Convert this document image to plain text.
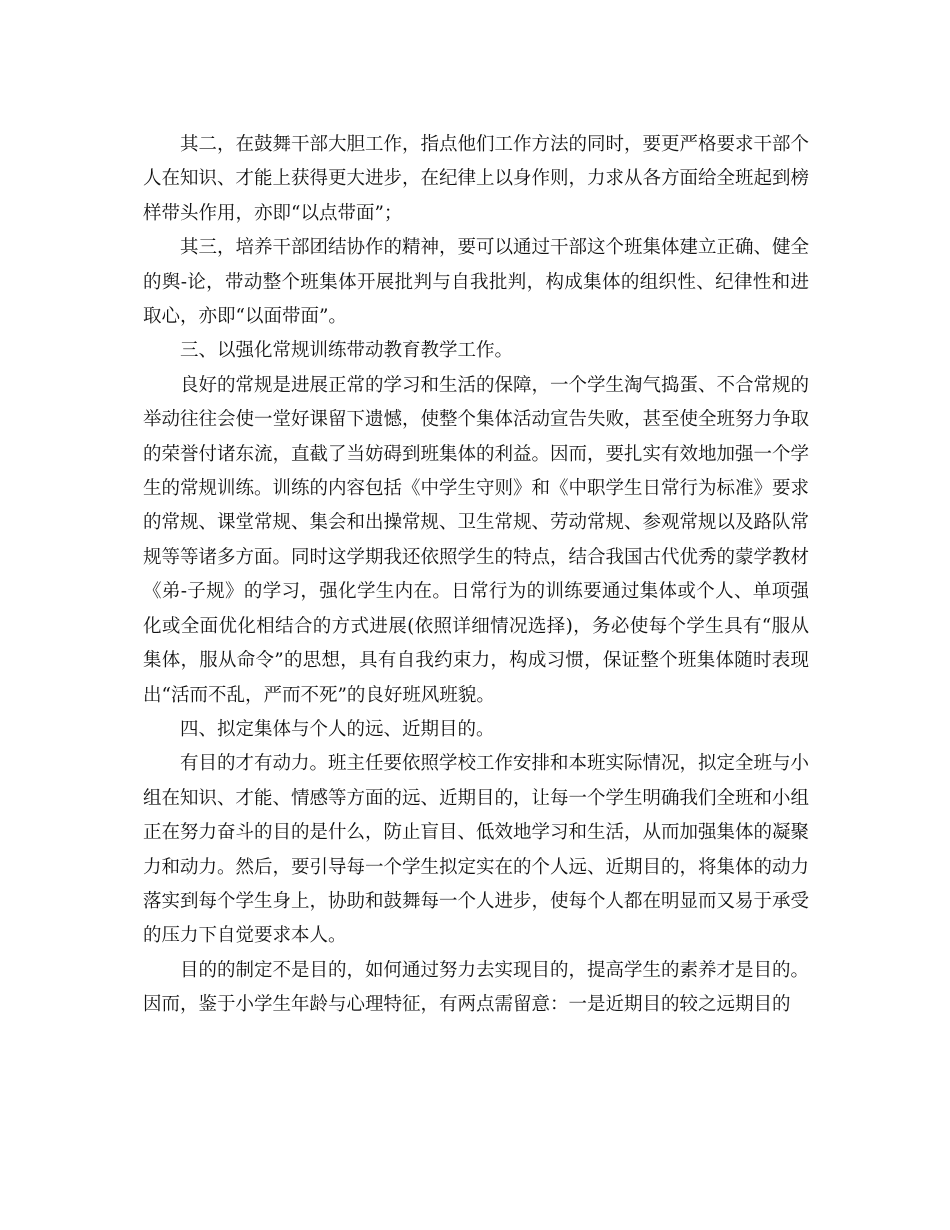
其二，在鼓舞干部大胆工作，指点他们工作方法的同时，要更严格要求干部个人在知识、才能上获得更大进步，在纪律上以身作则，力求从各方面给全班起到榜样带头作用，亦即“以点带面”；

其三，培养干部团结协作的精神，要可以通过干部这个班集体建立正确、健全的舆-论，带动整个班集体开展批判与自我批判，构成集体的组织性、纪律性和进取心，亦即“以面带面”。

三、以强化常规训练带动教育教学工作。

良好的常规是进展正常的学习和生活的保障，一个学生淘气捣蛋、不合常规的举动往往会使一堂好课留下遗憾，使整个集体活动宣告失败，甚至使全班努力争取的荣誉付诸东流，直截了当妨碍到班集体的利益。因而，要扎实有效地加强一个学生的常规训练。训练的内容包括《中学生守则》和《中职学生日常行为标准》要求的常规、课堂常规、集会和出操常规、卫生常规、劳动常规、参观常规以及路队常规等等诸多方面。同时这学期我还依照学生的特点，结合我国古代优秀的蒙学教材《弟-子规》的学习，强化学生内在。日常行为的训练要通过集体或个人、单项强化或全面优化相结合的方式进展(依照详细情况选择)，务必使每个学生具有“服从集体，服从命令”的思想，具有自我约束力，构成习惯，保证整个班集体随时表现出“活而不乱，严而不死”的良好班风班貌。

四、拟定集体与个人的远、近期目的。

有目的才有动力。班主任要依照学校工作安排和本班实际情况，拟定全班与小组在知识、才能、情感等方面的远、近期目的，让每一个学生明确我们全班和小组正在努力奋斗的目的是什么，防止盲目、低效地学习和生活，从而加强集体的凝聚力和动力。然后，要引导每一个学生拟定实在的个人远、近期目的，将集体的动力落实到每个学生身上，协助和鼓舞每一个人进步，使每个人都在明显而又易于承受的压力下自觉要求本人。

目的的制定不是目的，如何通过努力去实现目的，提高学生的素养才是目的。因而，鉴于小学生年龄与心理特征，有两点需留意：一是近期目的较之远期目的
